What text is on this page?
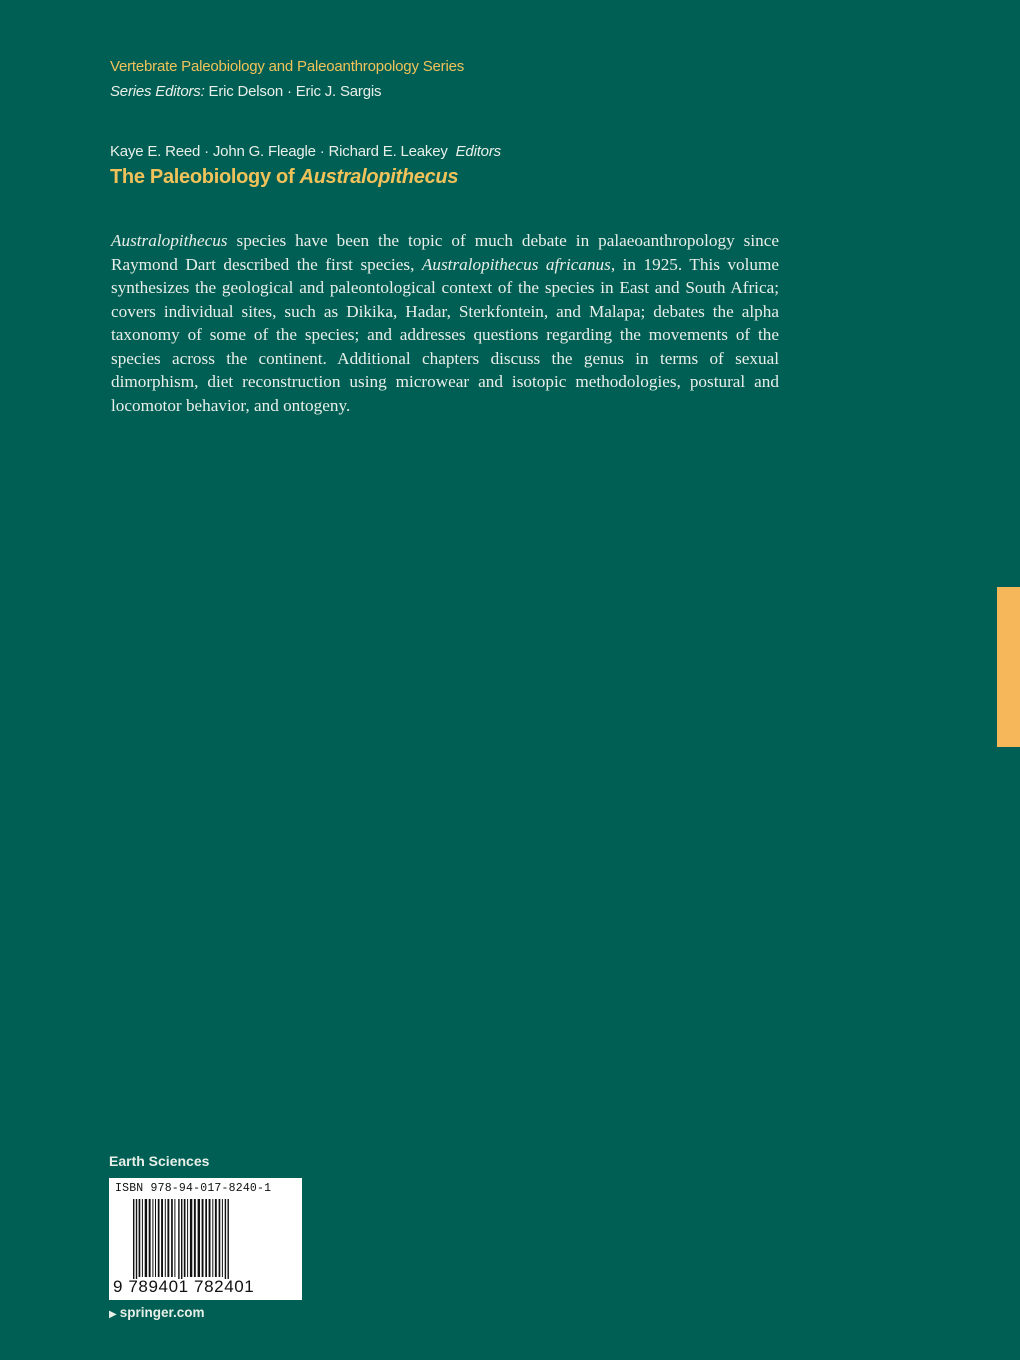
Vertebrate Paleobiology and Paleoanthropology Series
Series Editors: Eric Delson · Eric J. Sargis
Kaye E. Reed · John G. Fleagle · Richard E. Leakey Editors
The Paleobiology of Australopithecus

Australopithecus species have been the topic of much debate in palaeoanthropology since Raymond Dart described the first species, Australopithecus africanus, in 1925. This volume synthesizes the geological and paleontological context of the species in East and South Africa; covers individual sites, such as Dikika, Hadar, Sterkfontein, and Malapa; debates the alpha taxonomy of some of the species; and addresses questions regarding the movements of the species across the continent. Additional chapters discuss the genus in terms of sexual dimorphism, diet reconstruction using microwear and isotopic methodologies, postural and locomotor behavior, and ontogeny.

Earth Sciences
ISBN 978-94-017-8240-1
9 789401 782401
▶ springer.com
